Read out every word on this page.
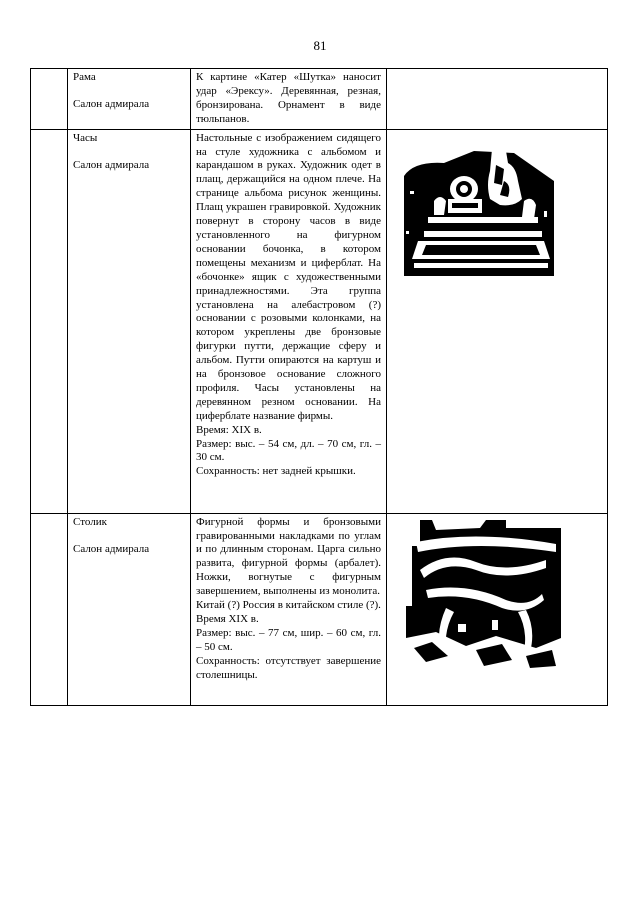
81

	Рама
Салон адмирала	К картине «Катер «Шутка» наносит удар «Эрексу». Деревянная, резная, бронзирована. Орнамент в виде тюльпанов.	

	Часы
Салон адмирала	Настольные с изображением сидящего на стуле художника с альбомом и карандашом в руках. Художник одет в плащ, держащийся на одном плече. На странице альбома рисунок женщины. Плащ украшен гравировкой. Художник повернут в сторону часов в виде установленного на фигурном основании бочонка, в котором помещены механизм и циферблат. На «бочонке» ящик с художественными принадлежностями. Эта группа установлена на алебастровом (?) основании с розовыми колонками, на котором укреплены две бронзовые фигурки путти, держащие сферу и альбом. Путти опираются на картуш и на бронзовое основание сложного профиля. Часы установлены на деревянном резном основании. На циферблате название фирмы.
Время: XIX в.
Размер: выс. – 54 см, дл. – 70 см, гл. – 30 см.
Сохранность: нет задней крышки.

	Столик
Салон адмирала	Фигурной формы и бронзовыми гравированными накладками по углам и по длинным сторонам. Царга сильно развита, фигурной формы (арбалет). Ножки, вогнутые с фигурным завершением, выполнены из монолита.
Китай (?) Россия в китайском стиле (?).
Время XIX в.
Размер: выс. – 77 см, шир. – 60 см, гл. – 50 см.
Сохранность: отсутствует завершение столешницы.
